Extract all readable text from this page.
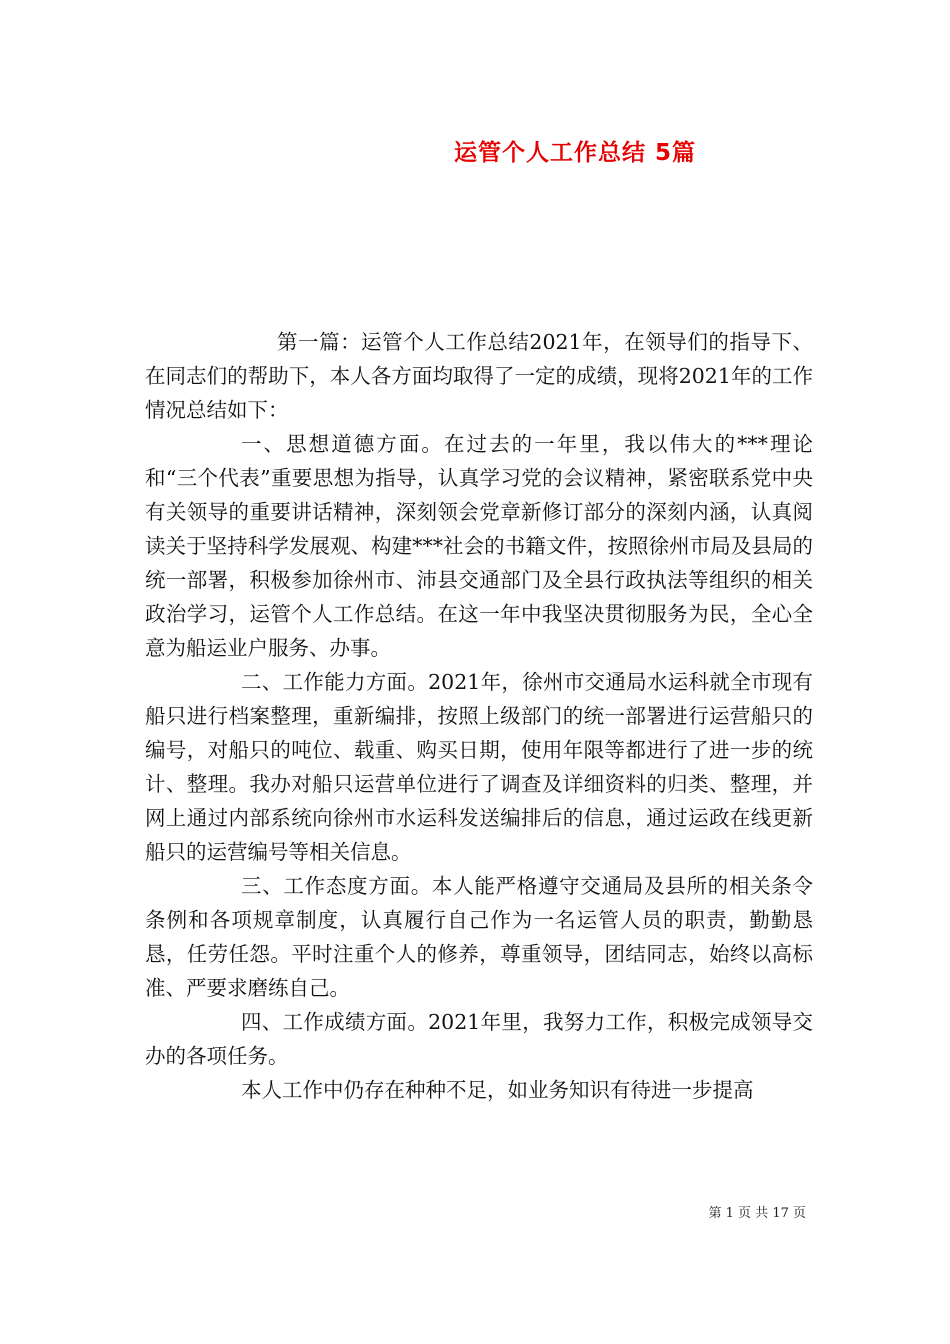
运管个人工作总结 5篇

第一篇：运管个人工作总结2021年，在领导们的指导下、在同志们的帮助下，本人各方面均取得了一定的成绩，现将2021年的工作情况总结如下：

一、思想道德方面。在过去的一年里，我以伟大的***理论和“三个代表”重要思想为指导，认真学习党的会议精神，紧密联系党中央有关领导的重要讲话精神，深刻领会党章新修订部分的深刻内涵，认真阅读关于坚持科学发展观、构建***社会的书籍文件，按照徐州市局及县局的统一部署，积极参加徐州市、沛县交通部门及全县行政执法等组织的相关政治学习，运管个人工作总结。在这一年中我坚决贯彻服务为民，全心全意为船运业户服务、办事。

二、工作能力方面。2021年，徐州市交通局水运科就全市现有船只进行档案整理，重新编排，按照上级部门的统一部署进行运营船只的编号，对船只的吨位、载重、购买日期，使用年限等都进行了进一步的统计、整理。我办对船只运营单位进行了调查及详细资料的归类、整理，并网上通过内部系统向徐州市水运科发送编排后的信息，通过运政在线更新船只的运营编号等相关信息。

三、工作态度方面。本人能严格遵守交通局及县所的相关条令条例和各项规章制度，认真履行自己作为一名运管人员的职责，勤勤恳恳，任劳任怨。平时注重个人的修养，尊重领导，团结同志，始终以高标准、严要求磨练自己。

四、工作成绩方面。2021年里，我努力工作，积极完成领导交办的各项任务。

本人工作中仍存在种种不足，如业务知识有待进一步提高

第 1 页 共 17 页
